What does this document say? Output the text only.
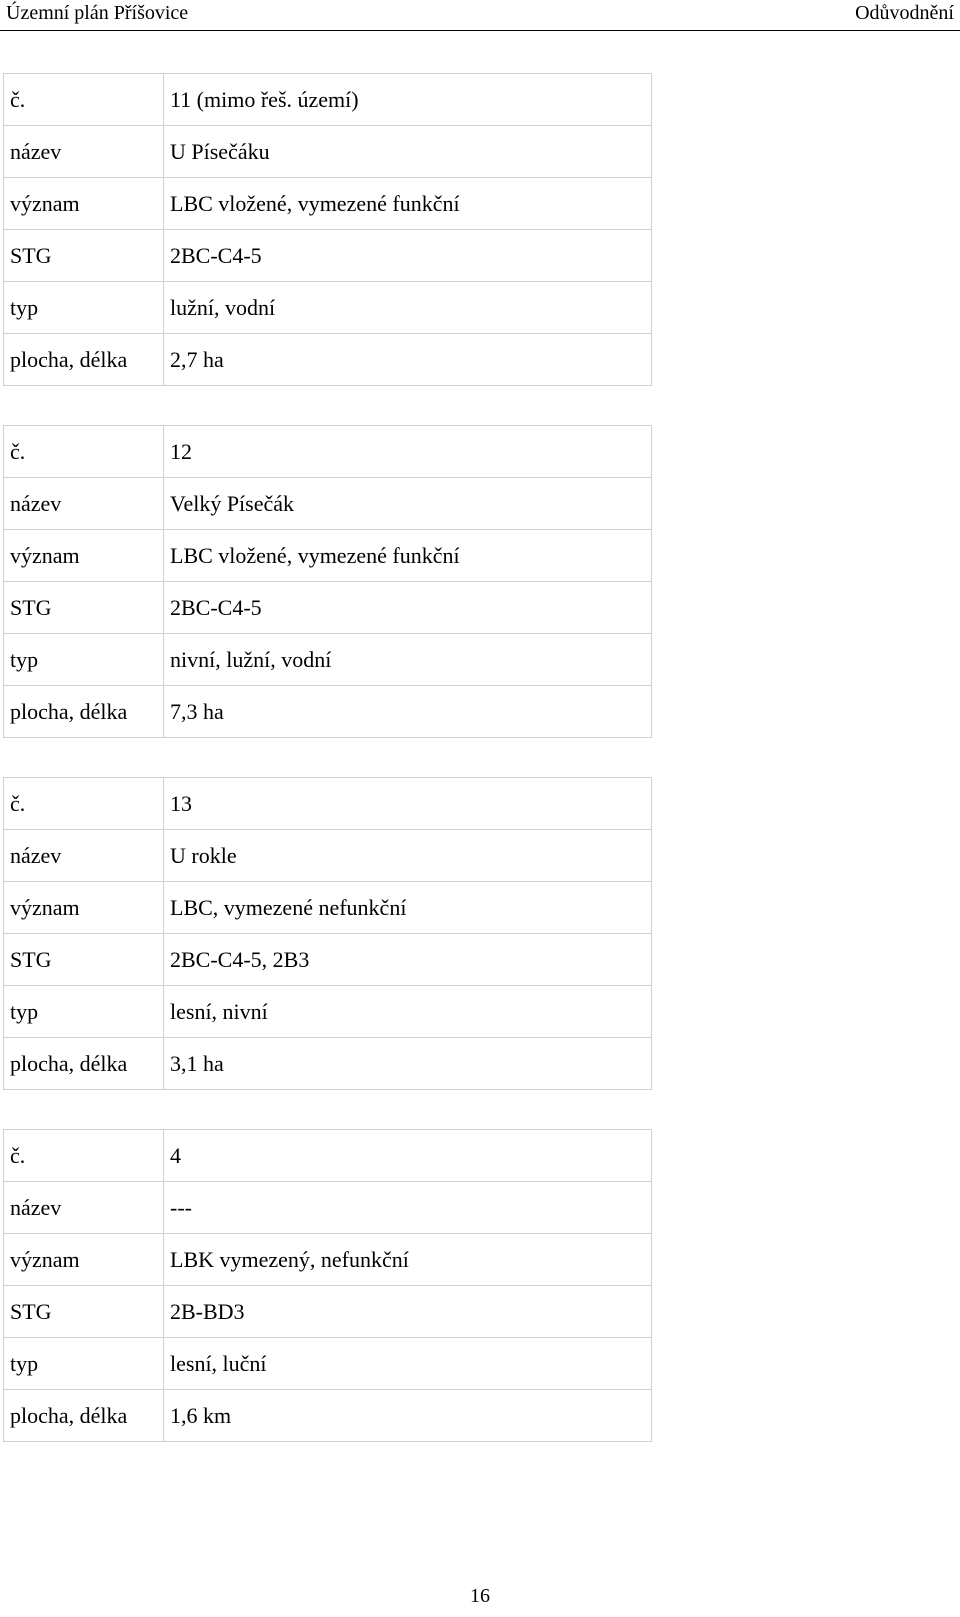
Územní plán Příšovice	Odůvodnění
č.	11 (mimo řeš. území)
název	U Písečáku
význam	LBC vložené, vymezené funkční
STG	2BC-C4-5
typ	lužní, vodní
plocha, délka	2,7 ha
č.	12
název	Velký Písečák
význam	LBC vložené, vymezené funkční
STG	2BC-C4-5
typ	nivní, lužní, vodní
plocha, délka	7,3 ha
č.	13
název	U rokle
význam	LBC, vymezené nefunkční
STG	2BC-C4-5, 2B3
typ	lesní, nivní
plocha, délka	3,1 ha
č.	4
název	---
význam	LBK vymezený, nefunkční
STG	2B-BD3
typ	lesní, luční
plocha, délka	1,6 km
16
